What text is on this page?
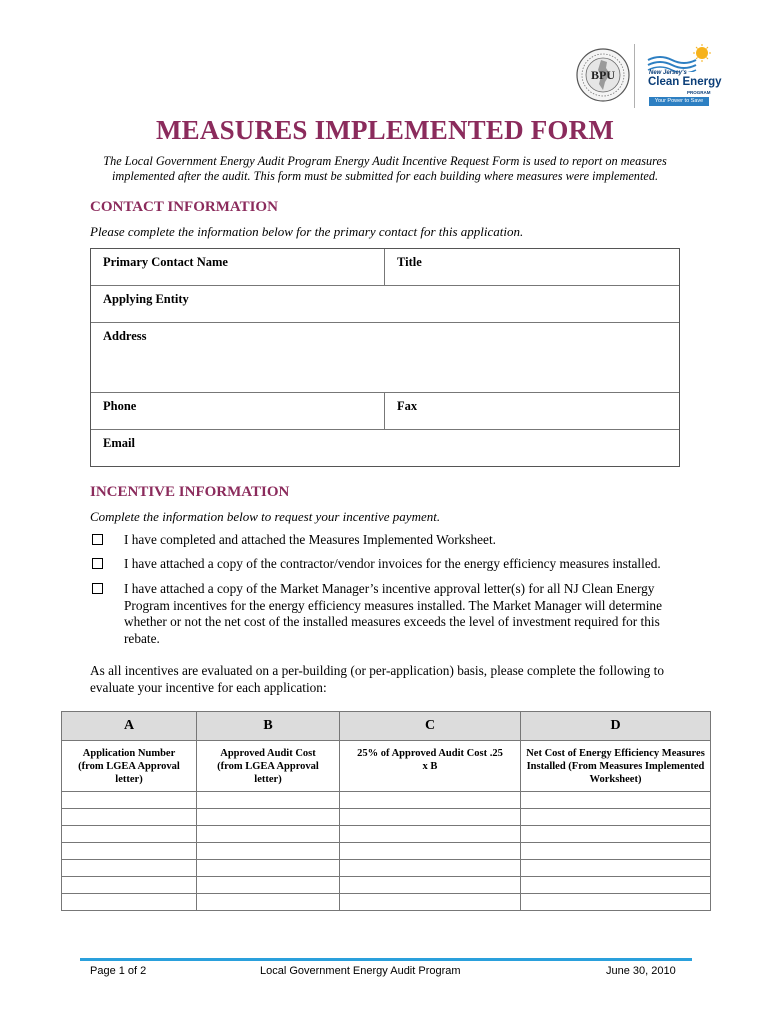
BPU	New Jersey's
Clean Energy
PROGRAM
Your Power to Save
MEASURES IMPLEMENTED FORM
The Local Government Energy Audit Program Energy Audit Incentive Request Form is used to report on measures implemented after the audit. This form must be submitted for each building where measures were implemented.
CONTACT INFORMATION
Please complete the information below for the primary contact for this application.
Primary Contact Name	Title
Applying Entity
Address
Phone	Fax
Email
INCENTIVE INFORMATION
Complete the information below to request your incentive payment.
I have completed and attached the Measures Implemented Worksheet.
I have attached a copy of the contractor/vendor invoices for the energy efficiency measures installed.
I have attached a copy of the Market Manager’s incentive approval letter(s) for all NJ Clean Energy Program incentives for the energy efficiency measures installed. The Market Manager will determine whether or not the net cost of the installed measures exceeds the level of investment required for this rebate.
As all incentives are evaluated on a per-building (or per-application) basis, please complete the following to evaluate your incentive for each application:
A	B	C	D

Application Number (from LGEA Approval letter)	Approved Audit Cost (from LGEA Approval letter)	25% of Approved Audit Cost .25 x B	Net Cost of Energy Efficiency Measures Installed (From Measures Implemented Worksheet)

Page 1 of 2	Local Government Energy Audit Program	June 30, 2010
